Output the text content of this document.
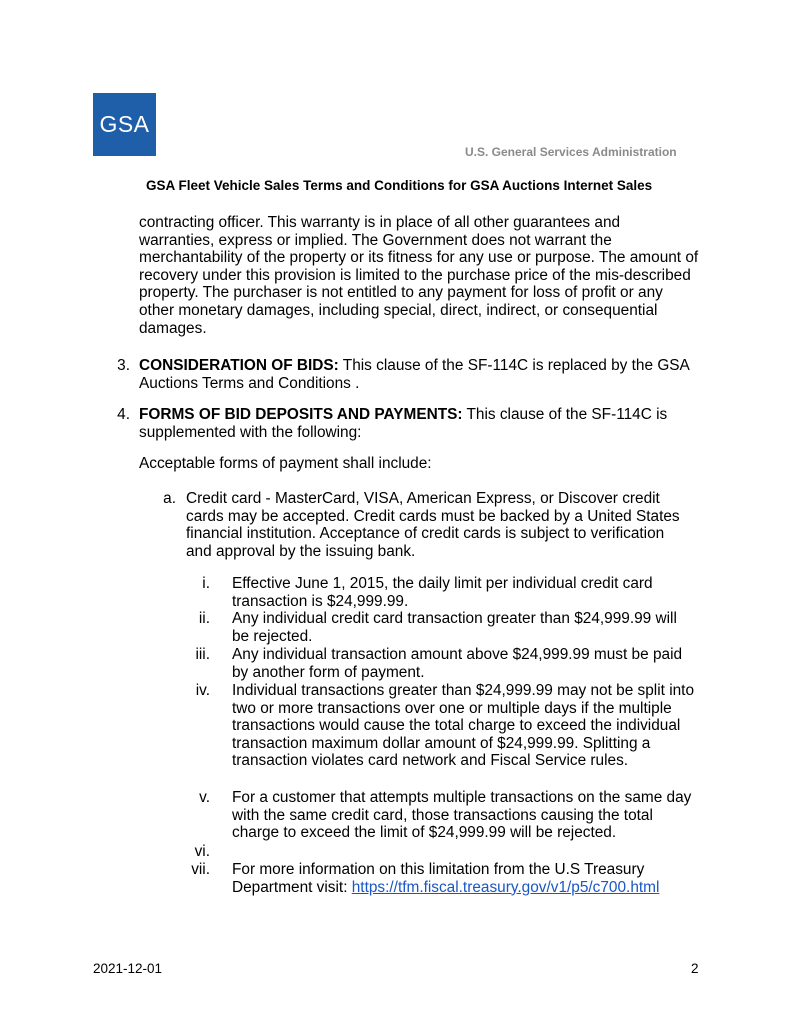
GSA
U.S. General Services Administration
GSA Fleet Vehicle Sales Terms and Conditions for GSA Auctions Internet Sales
contracting officer. This warranty is in place of all other guarantees and warranties, express or implied. The Government does not warrant the merchantability of the property or its fitness for any use or purpose. The amount of recovery under this provision is limited to the purchase price of the mis-described property. The purchaser is not entitled to any payment for loss of profit or any other monetary damages, including special, direct, indirect, or consequential damages.
3. CONSIDERATION OF BIDS: This clause of the SF-114C is replaced by the GSA Auctions Terms and Conditions .
4. FORMS OF BID DEPOSITS AND PAYMENTS: This clause of the SF-114C is supplemented with the following:
Acceptable forms of payment shall include:
a. Credit card - MasterCard, VISA, American Express, or Discover credit cards may be accepted. Credit cards must be backed by a United States financial institution. Acceptance of credit cards is subject to verification and approval by the issuing bank.
i. Effective June 1, 2015, the daily limit per individual credit card transaction is $24,999.99.
ii. Any individual credit card transaction greater than $24,999.99 will be rejected.
iii. Any individual transaction amount above $24,999.99 must be paid by another form of payment.
iv. Individual transactions greater than $24,999.99 may not be split into two or more transactions over one or multiple days if the multiple transactions would cause the total charge to exceed the individual transaction maximum dollar amount of $24,999.99. Splitting a transaction violates card network and Fiscal Service rules.
v. For a customer that attempts multiple transactions on the same day with the same credit card, those transactions causing the total charge to exceed the limit of $24,999.99 will be rejected.
vi.
vii. For more information on this limitation from the U.S Treasury Department visit: https://tfm.fiscal.treasury.gov/v1/p5/c700.html
2021-12-01	2
